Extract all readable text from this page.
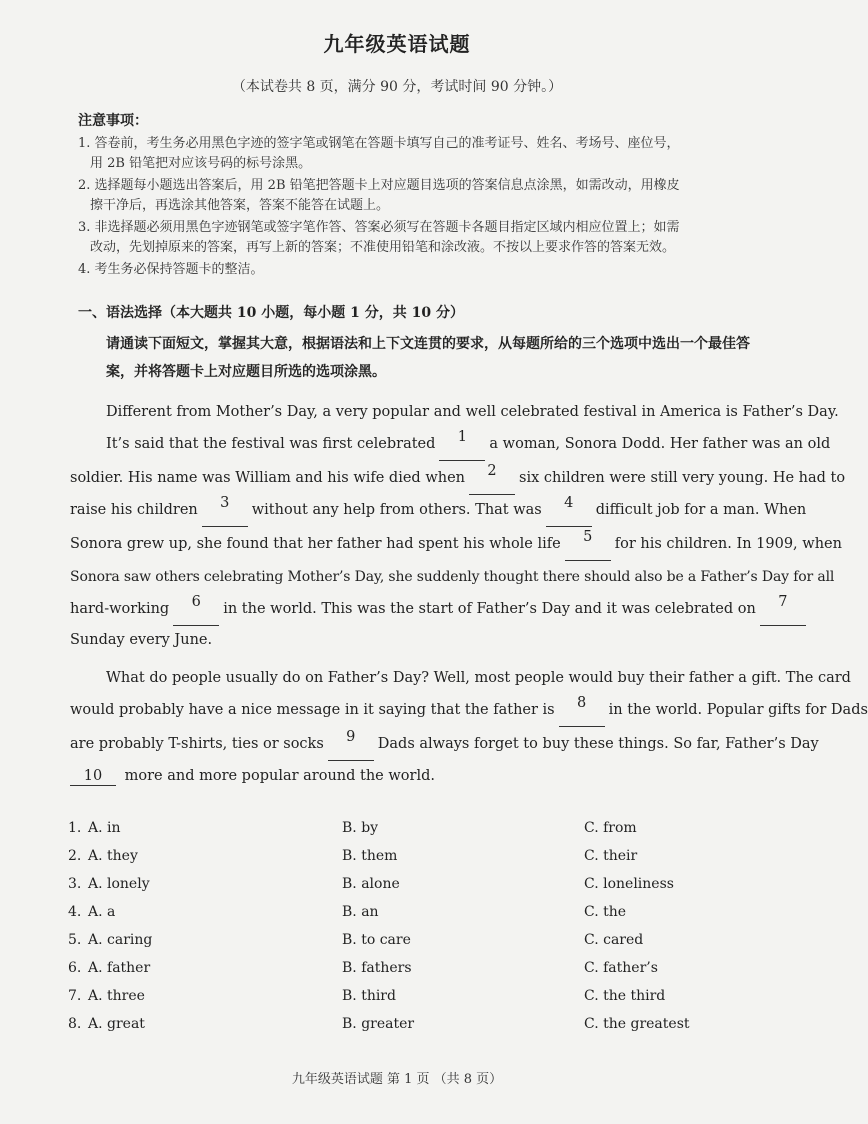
九年级英语试题
（本试卷共 8 页，满分 90 分，考试时间 90 分钟。）
注意事项：
1. 答卷前，考生务必用黑色字迹的签字笔或钢笔在答题卡填写自己的准考证号、姓名、考场号、座位号，
用 2B 铅笔把对应该号码的标号涂黑。
2. 选择题每小题选出答案后，用 2B 铅笔把答题卡上对应题目选项的答案信息点涂黑，如需改动，用橡皮
擦干净后，再选涂其他答案，答案不能答在试题上。
3. 非选择题必须用黑色字迹钢笔或签字笔作答、答案必须写在答题卡各题目指定区域内相应位置上；如需
改动，先划掉原来的答案，再写上新的答案；不准使用铅笔和涂改液。不按以上要求作答的答案无效。
4. 考生务必保持答题卡的整洁。
一、语法选择（本大题共 10 小题，每小题 1 分，共 10 分）
请通读下面短文，掌握其大意，根据语法和上下文连贯的要求，从每题所给的三个选项中选出一个最佳答案，并将答题卡上对应题目所选的选项涂黑。
Different from Mother’s Day, a very popular and well celebrated festival in America is Father’s Day.
It’s said that the festival was first celebrated	1	a woman, Sonora Dodd. Her father was an old
soldier. His name was William and his wife died when	2	six children were still very young. He had to
raise his children	3	without any help from others. That was	4	difficult job for a man. When
Sonora grew up, she found that her father had spent his whole life	5	for his children. In 1909, when
Sonora saw others celebrating Mother’s Day, she suddenly thought there should also be a Father’s Day for all
hard-working	6	in the world. This was the start of Father’s Day and it was celebrated on	7
Sunday every June.
What do people usually do on Father’s Day? Well, most people would buy their father a gift. The card
would probably have a nice message in it saying that the father is	8	in the world. Popular gifts for Dads
are probably T-shirts, ties or socks	9	Dads always forget to buy these things. So far, Father’s Day
10 more and more popular around the world.
1. A. in	B. by	C. from
2. A. they	B. them	C. their
3. A. lonely	B. alone	C. loneliness
4. A. a	B. an	C. the
5. A. caring	B. to care	C. cared
6. A. father	B. fathers	C. father’s
7. A. three	B. third	C. the third
8. A. great	B. greater	C. the greatest
九年级英语试题 第 1 页 （共 8 页）
